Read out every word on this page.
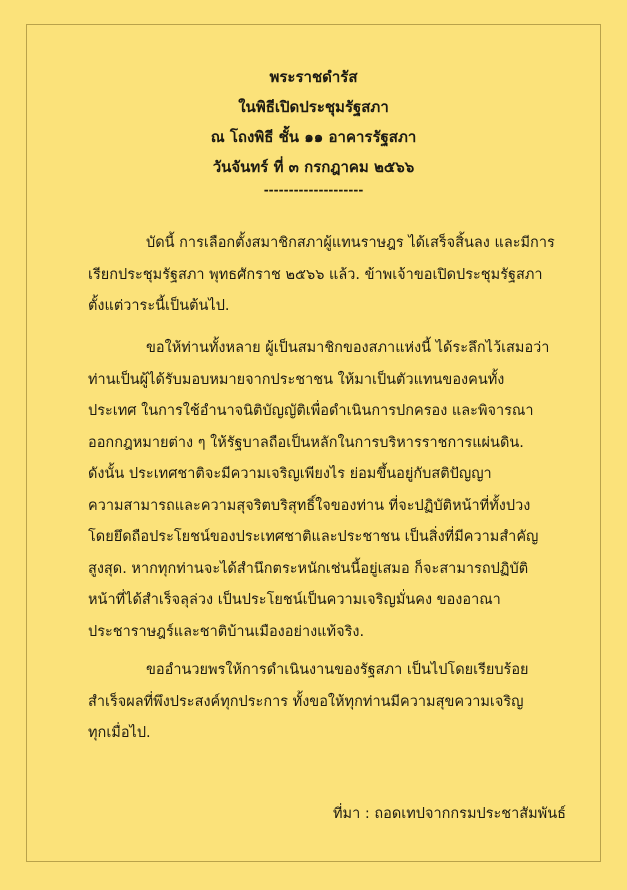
พระราชดำรัส
ในพิธีเปิดประชุมรัฐสภา
ณ โถงพิธี ชั้น ๑๑ อาคารรัฐสภา
วันจันทร์ ที่ ๓ กรกฎาคม ๒๕๖๖
--------------------
บัดนี้ การเลือกตั้งสมาชิกสภาผู้แทนราษฎร ได้เสร็จสิ้นลง และมีการ
เรียกประชุมรัฐสภา พุทธศักราช ๒๕๖๖ แล้ว. ข้าพเจ้าขอเปิดประชุมรัฐสภา
ตั้งแต่วาระนี้เป็นต้นไป.
ขอให้ท่านทั้งหลาย ผู้เป็นสมาชิกของสภาแห่งนี้ ได้ระลึกไว้เสมอว่า
ท่านเป็นผู้ได้รับมอบหมายจากประชาชน ให้มาเป็นตัวแทนของคนทั้ง
ประเทศ ในการใช้อำนาจนิติบัญญัติเพื่อดำเนินการปกครอง และพิจารณา
ออกกฎหมายต่าง ๆ ให้รัฐบาลถือเป็นหลักในการบริหารราชการแผ่นดิน.
ดังนั้น ประเทศชาติจะมีความเจริญเพียงไร ย่อมขึ้นอยู่กับสติปัญญา
ความสามารถและความสุจริตบริสุทธิ์ใจของท่าน ที่จะปฏิบัติหน้าที่ทั้งปวง
โดยยึดถือประโยชน์ของประเทศชาติและประชาชน เป็นสิ่งที่มีความสำคัญ
สูงสุด. หากทุกท่านจะได้สำนึกตระหนักเช่นนี้อยู่เสมอ ก็จะสามารถปฏิบัติ
หน้าที่ได้สำเร็จลุล่วง เป็นประโยชน์เป็นความเจริญมั่นคง ของอาณา
ประชาราษฎร์และชาติบ้านเมืองอย่างแท้จริง.
ขออำนวยพรให้การดำเนินงานของรัฐสภา เป็นไปโดยเรียบร้อย
สำเร็จผลที่พึงประสงค์ทุกประการ ทั้งขอให้ทุกท่านมีความสุขความเจริญ
ทุกเมื่อไป.
ที่มา : ถอดเทปจากกรมประชาสัมพันธ์
